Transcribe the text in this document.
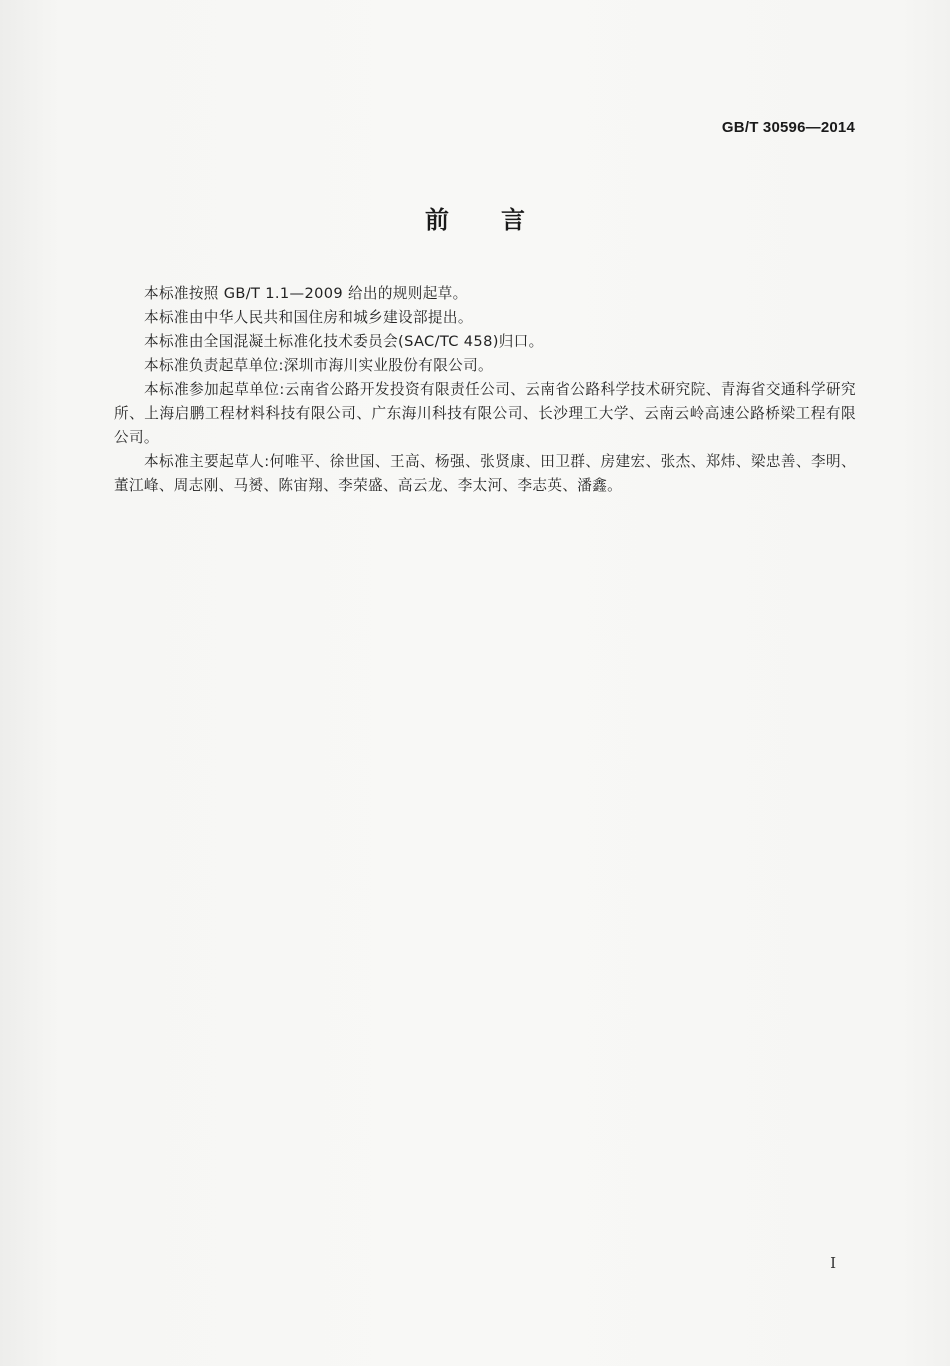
GB/T 30596—2014
前言

本标准按照 GB/T 1.1—2009 给出的规则起草。

本标准由中华人民共和国住房和城乡建设部提出。

本标准由全国混凝土标准化技术委员会(SAC/TC 458)归口。

本标准负责起草单位:深圳市海川实业股份有限公司。

本标准参加起草单位:云南省公路开发投资有限责任公司、云南省公路科学技术研究院、青海省交通科学研究所、上海启鹏工程材料科技有限公司、广东海川科技有限公司、长沙理工大学、云南云岭高速公路桥梁工程有限公司。

本标准主要起草人:何唯平、徐世国、王高、杨强、张贤康、田卫群、房建宏、张杰、郑炜、梁忠善、李明、董江峰、周志刚、马赟、陈宙翔、李荣盛、高云龙、李太河、李志英、潘鑫。

I
